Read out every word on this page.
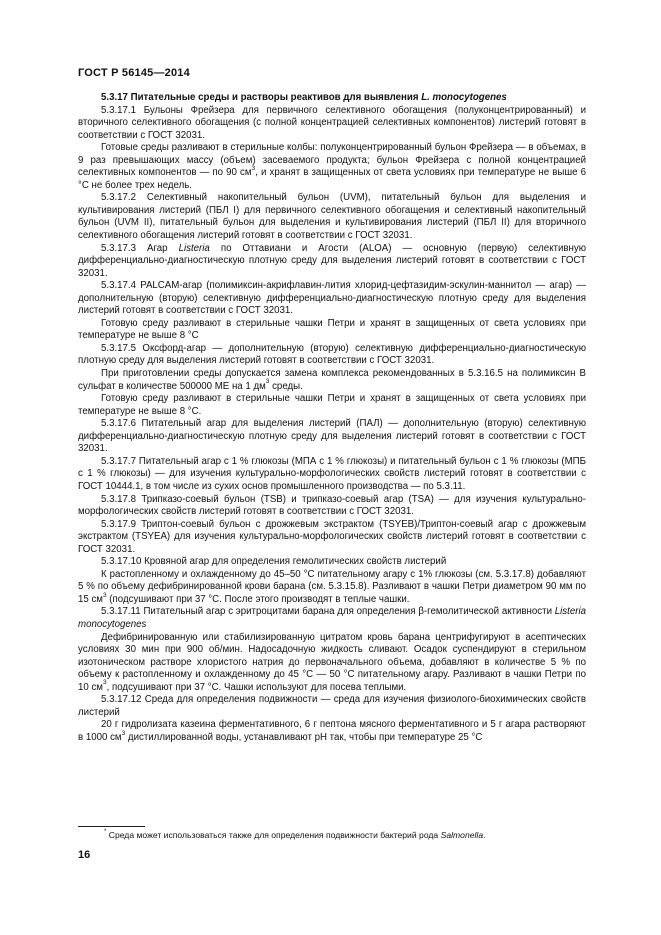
ГОСТ Р 56145—2014

5.3.17 Питательные среды и растворы реактивов для выявления L. monocytogenes

5.3.17.1 Бульоны Фрейзера для первичного селективного обогащения (полуконцентрированный) и вторичного селективного обогащения (с полной концентрацией селективных компонентов) листерий готовят в соответствии с ГОСТ 32031.

Готовые среды разливают в стерильные колбы: полуконцентрированный бульон Фрейзера — в объемах, в 9 раз превышающих массу (объем) засеваемого продукта; бульон Фрейзера с полной концентрацией селективных компонентов — по 90 $см^3$, и хранят в защищенных от света условиях при температуре не выше 6 °С не более трех недель.

5.3.17.2 Селективный накопительный бульон (UVM), питательный бульон для выделения и культивирования листерий (ПБЛ I) для первичного селективного обогащения и селективный накопительный бульон (UVM II), питательный бульон для выделения и культивирования листерий (ПБЛ II) для вторичного селективного обогащения листерий готовят в соответствии с ГОСТ 32031.

5.3.17.3 Агар Listeria по Оттавиани и Агости (ALOA) — основную (первую) селективную дифференциально-диагностическую плотную среду для выделения листерий готовят в соответствии с ГОСТ 32031.

5.3.17.4 PALCAM-агар (полимиксин-акрифлавин-лития хлорид-цефтазидим-эскулин-маннитол — агар) — дополнительную (вторую) селективную дифференциально-диагностическую плотную среду для выделения листерий готовят в соответствии с ГОСТ 32031.

Готовую среду разливают в стерильные чашки Петри и хранят в защищенных от света условиях при температуре не выше 8 °С

5.3.17.5 Оксфорд-агар — дополнительную (вторую) селективную дифференциально-диагностическую плотную среду для выделения листерий готовят в соответствии с ГОСТ 32031.

При приготовлении среды допускается замена комплекса рекомендованных в 5.3.16.5 на полимиксин В сульфат в количестве 500000 МЕ на 1 $дм^3$ среды.

Готовую среду разливают в стерильные чашки Петри и хранят в защищенных от света условиях при температуре не выше 8 °С.

5.3.17.6 Питательный агар для выделения листерий (ПАЛ) — дополнительную (вторую) селективную дифференциально-диагностическую плотную среду для выделения листерий готовят в соответствии с ГОСТ 32031.

5.3.17.7 Питательный агар с 1 % глюкозы (МПА с 1 % глюкозы) и питательный бульон с 1 % глюкозы (МПБ с 1 % глюкозы) — для изучения культурально-морфологических свойств листерий готовят в соответствии с ГОСТ 10444.1, в том числе из сухих основ промышленного производства — по 5.3.11.

5.3.17.8 Трипказо-соевый бульон (TSB) и трипказо-соевый агар (TSA) — для изучения культурально-морфологических свойств листерий готовят в соответствии с ГОСТ 32031.

5.3.17.9 Триптон-соевый бульон с дрожжевым экстрактом (TSYEB)/Триптон-соевый агар с дрожжевым экстрактом (TSYEA) для изучения культурально-морфологических свойств листерий готовят в соответствии с ГОСТ 32031.

5.3.17.10 Кровяной агар для определения гемолитических свойств листерий

К растопленному и охлажденному до 45–50 °С питательному агару с 1% глюкозы (см. 5.3.17.8) добавляют 5 % по объему дефибринированной крови барана (см. 5.3.15.8). Разливают в чашки Петри диаметром 90 мм по 15 $см^3$ (подсушивают при 37 °С. После этого производят в теплые чашки.

5.3.17.11 Питательный агар с эритроцитами барана для определения β-гемолитической активности Listeria monocytogenes

Дефибринированную или стабилизированную цитратом кровь барана центрифугируют в асептических условиях 30 мин при 900 об/мин. Надосадочную жидкость сливают. Осадок суспендируют в стерильном изотоническом растворе хлористого натрия до первоначального объема, добавляют в количестве 5 % по объему к растопленному и охлажденному до 45 °С — 50 °С питательному агару. Разливают в чашки Петри по 10 $см^3$, подсушивают при 37 °С. Чашки используют для посева теплыми.

5.3.17.12 Среда для определения подвижности — среда для изучения физиолого-биохимических свойств листерий

20 г гидролизата казеина ферментативного, 6 г пептона мясного ферментативного и 5 г агара растворяют в 1000 $см^3$ дистиллированной воды, устанавливают рН так, чтобы при температуре 25 °С

* Среда может использоваться также для определения подвижности бактерий рода Salmonella.
16
